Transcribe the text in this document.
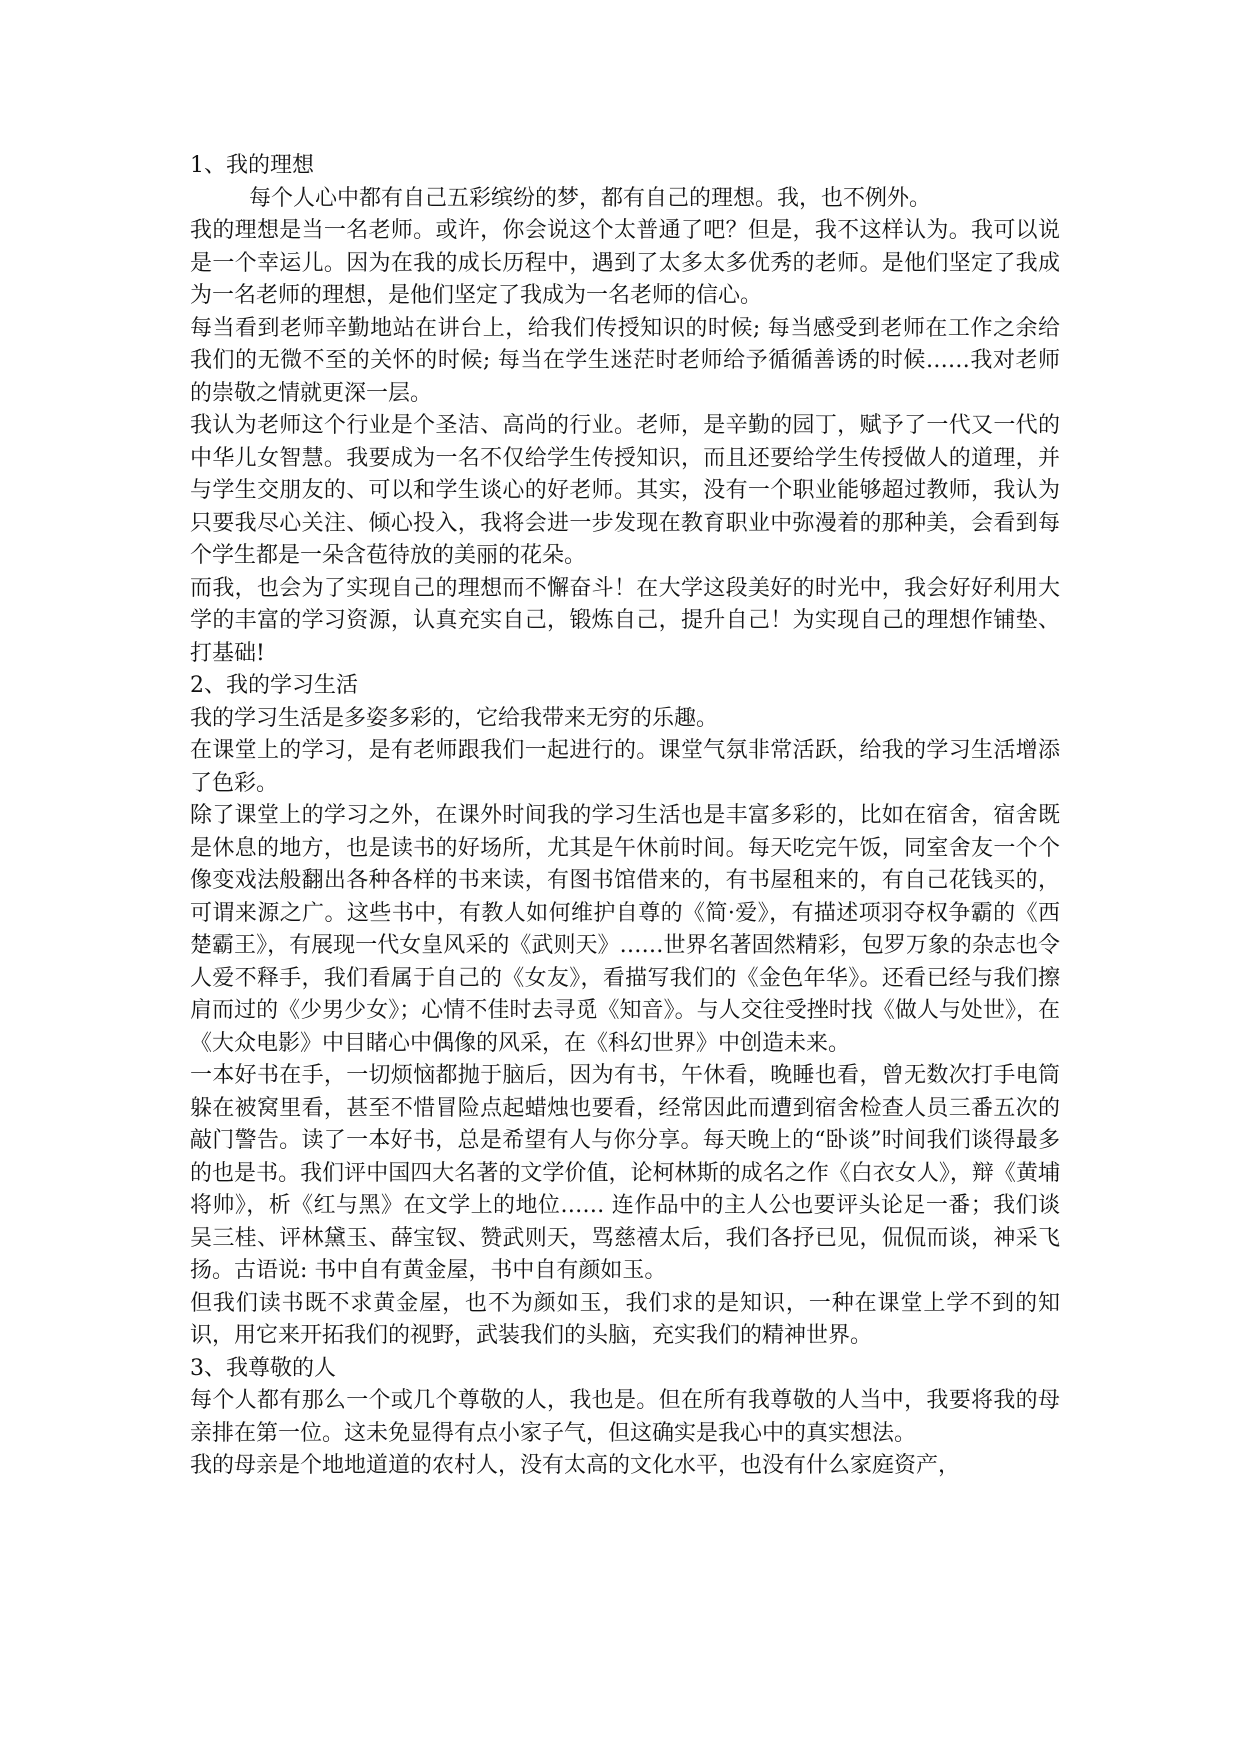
1、我的理想

每个人心中都有自己五彩缤纷的梦，都有自己的理想。我，也不例外。

我的理想是当一名老师。或许，你会说这个太普通了吧？但是，我不这样认为。我可以说是一个幸运儿。因为在我的成长历程中，遇到了太多太多优秀的老师。是他们坚定了我成为一名老师的理想，是他们坚定了我成为一名老师的信心。

每当看到老师辛勤地站在讲台上，给我们传授知识的时候; 每当感受到老师在工作之余给我们的无微不至的关怀的时候; 每当在学生迷茫时老师给予循循善诱的时候……我对老师的崇敬之情就更深一层。

我认为老师这个行业是个圣洁、高尚的行业。老师，是辛勤的园丁，赋予了一代又一代的中华儿女智慧。我要成为一名不仅给学生传授知识，而且还要给学生传授做人的道理，并与学生交朋友的、可以和学生谈心的好老师。其实，没有一个职业能够超过教师，我认为只要我尽心关注、倾心投入，我将会进一步发现在教育职业中弥漫着的那种美，会看到每个学生都是一朵含苞待放的美丽的花朵。

而我，也会为了实现自己的理想而不懈奋斗！在大学这段美好的时光中，我会好好利用大学的丰富的学习资源，认真充实自己，锻炼自己，提升自己！为实现自己的理想作铺垫、打基础!

2、我的学习生活

我的学习生活是多姿多彩的，它给我带来无穷的乐趣。

在课堂上的学习，是有老师跟我们一起进行的。课堂气氛非常活跃，给我的学习生活增添了色彩。

除了课堂上的学习之外，在课外时间我的学习生活也是丰富多彩的，比如在宿舍，宿舍既是休息的地方，也是读书的好场所，尤其是午休前时间。每天吃完午饭，同室舍友一个个像变戏法般翻出各种各样的书来读，有图书馆借来的，有书屋租来的，有自己花钱买的，可谓来源之广。这些书中，有教人如何维护自尊的《简·爱》，有描述项羽夺权争霸的《西楚霸王》，有展现一代女皇风采的《武则天》……世界名著固然精彩，包罗万象的杂志也令人爱不释手，我们看属于自己的《女友》，看描写我们的《金色年华》。还看已经与我们擦肩而过的《少男少女》；心情不佳时去寻觅《知音》。与人交往受挫时找《做人与处世》，在《大众电影》中目睹心中偶像的风采，在《科幻世界》中创造未来。

一本好书在手，一切烦恼都抛于脑后，因为有书，午休看，晚睡也看，曾无数次打手电筒躲在被窝里看，甚至不惜冒险点起蜡烛也要看，经常因此而遭到宿舍检查人员三番五次的敲门警告。读了一本好书，总是希望有人与你分享。每天晚上的“卧谈”时间我们谈得最多的也是书。我们评中国四大名著的文学价值，论柯林斯的成名之作《白衣女人》，辩《黄埔将帅》，析《红与黑》在文学上的地位…… 连作品中的主人公也要评头论足一番；我们谈吴三桂、评林黛玉、薛宝钗、赞武则天，骂慈禧太后，我们各抒已见，侃侃而谈，神采飞扬。古语说: 书中自有黄金屋，书中自有颜如玉。

但我们读书既不求黄金屋，也不为颜如玉，我们求的是知识，一种在课堂上学不到的知识，用它来开拓我们的视野，武装我们的头脑，充实我们的精神世界。

3、我尊敬的人

每个人都有那么一个或几个尊敬的人，我也是。但在所有我尊敬的人当中，我要将我的母亲排在第一位。这未免显得有点小家子气，但这确实是我心中的真实想法。

我的母亲是个地地道道的农村人，没有太高的文化水平，也没有什么家庭资产，
